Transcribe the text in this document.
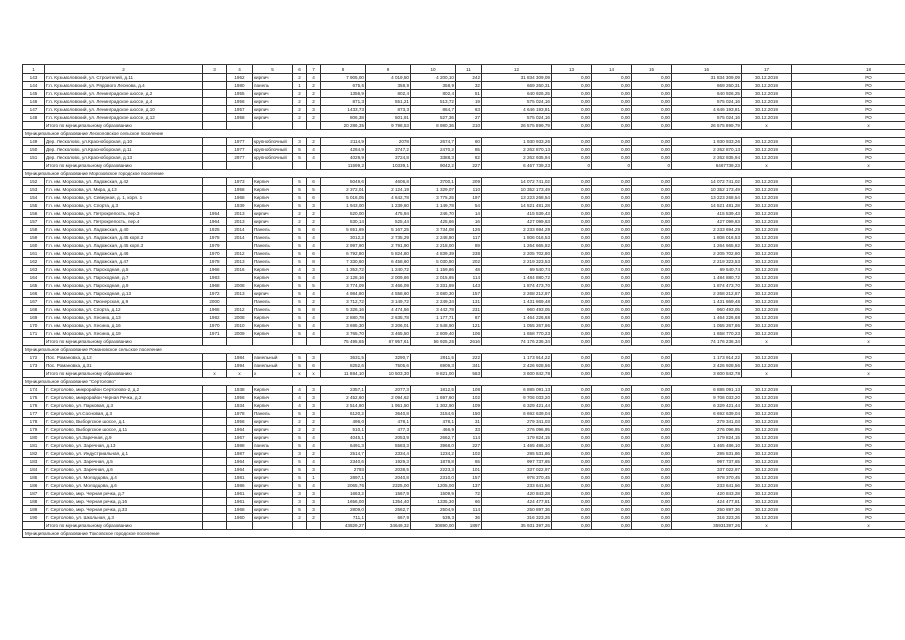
1	2	3	4	5	6	7	8	9	10	11	12	13	14	15	16	17	18
143	Г.п. Кузьмоловский, ул. Строителей, д.11		1962	кирпич	2	4	7 905,00	4 019,50	4 200,10	242	31 834 309,09	0,00	0,00	0,00	31 834 309,09	30.12.2019	РО
144	Г.п. Кузьмоловский, ул. Рядового Леонова, д.4		1980	панель	1	2	675,6	358,9	358,9	32	669 260,31	0,00	0,00	0,00	669 260,31	30.12.2019	РО
145	Г.п. Кузьмоловский, ул. Ленинградское шоссе, д.2		1955	кирпич	2	2	1356,9	802,4	802,4	51	640 926,25	0,00	0,00	0,00	640 926,25	30.12.2019	РО
146	Г.п. Кузьмоловский, ул. Ленинградское шоссе, д.4		1956	кирпич	2	2	871,3	551,21	513,72	19	575 024,16	0,00	0,00	0,00	575 024,16	30.12.2019	РО
147	Г.п. Кузьмоловский, ул. Ленинградское шоссе, д.10		1957	кирпич	2	3	1433,73	873,3	864,7	63	4 646 193,81	0,00	0,00	0,00	4 646 193,81	30.12.2019	РО
148	Г.п. Кузьмоловский, ул. Ленинградское шоссе, д.12		1958	кирпич	2	2	806,38	501,91	527,36	27	575 024,16	0,00	0,00	0,00	575 024,16	30.12.2019	РО
	Итого по муниципальному образованию						20 286,35	9 798,53	8 980,36	210	26 575 899,79	0,00	0,00	0,00	26 575 899,79	х	х
Муниципальное образование Лесколовское сельское поселение																	
149	Дер. Лесколово, ул.Красноборская, д.10		1977	крупноблочный	3	2	2114,9	2078	2674,7	60	1 930 933,26	0,00	0,00	0,00	1 930 933,26	30.12.2019	РО
150	Дер. Лесколово, ул.Красноборская, д.11		1977	крупноблочный	5	4	4264,9	3747,2	2470,2	85	2 262 870,13	0,00	0,00	0,00	2 262 870,13	30.12.2019	РО
151	Дер. Лесколово, ул.Красноборская, д.13		2977	крупноблочный	5	4	4029,9	3724,8	3388,3	82	2 262 935,94	0,00	0,00	0,00	2 262 935,94	30.12.2019	РО
	Итого по муниципальному образованию						11599,2	10339,1	9042,2	227	6 467 739,23	0	0	0	6467739,23	х	х
Муниципальное образование Морозовское городское поселение																	
152	Г.п. им. Морозова, ул. Ладожская, д.42		1973	Кирпич	5	6	5049,6	4606,8	3700,1	209	14 072 741,02	0,00	0,00	0,00	14 072 741,02	30.12.2019	РО
153	Г.п. им. Морозова, ул. Мира, д.13		1958	Кирпич	5	5	2 372,01	2 124,19	1 329,07	110	10 352 173,49	0,00	0,00	0,00	10 352 173,49	30.12.2019	РО
154	Г.п. им. Морозова, ул. Северная, д. 1, корп. 1		1968	Кирпич	5	6	5 016,05	4 642,78	3 775,25	197	13 223 268,54	0,00	0,00	0,00	13 223 268,54	30.12.2019	РО
155	Г.п. им. Морозова, ул. Спорта, д.3		1939	Кирпич	5	3	1 943,00	1 239,60	1 149,78	54	14 521 481,28	0,00	0,00	0,00	14 521 481,28	30.12.2019	РО
156	Г.п. им. Морозова, ул. Петрокрепость, пер.3	1954	2013	кирпич	2	2	520,00	475,94	246,70	14	415 539,43	0,00	0,00	0,00	415 539,43	30.12.2019	РО
157	Г.п. им. Морозова, ул. Петрокрепость, пер.4	1964	2013	кирпич	2	2	530,14	525,44	425,66	16	427 099,63	0,00	0,00	0,00	427 099,63	30.12.2019	РО
158	Г.п. им. Морозова, ул. Ладожская, д.40	1925	2014	Панель	5	6	5 651,69	5 167,25	3 734,08	126	2 233 694,29	0,00	0,00	0,00	2 233 694,29	30.12.2019	РО
159	Г.п. им. Морозова, ул. Ладожская, д.45 корп.2	1978	2014	Панель	5	4	3012,2	2 735,29	2 248,80	117	1 806 016,53	0,00	0,00	0,00	1 806 016,53	30.12.2019	РО
160	Г.п. им. Морозова, ул. Ладожская, д.45 корп.3	1979		Панель	5	4	2 997,90	2 791,90	2 218,00	89	1 264 665,82	0,00	0,00	0,00	1 264 665,82	30.12.2019	РО
161	Г.п. им. Морозова, ул. Ладожская, д.46	1970	2012	Панель	5	6	6 792,80	5 824,80	4 839,39	238	2 205 702,80	0,00	0,00	0,00	2 205 702,80	30.12.2019	РО
162	Г.п. им. Морозова, ул. Ладожская, д.47	1978	2013	Панель	5	8	7 330,60	6 458,60	5 030,80	202	2 219 323,53	0,00	0,00	0,00	2 219 323,53	30.12.2019	РО
163	Г.п. им. Морозова, ул. Пароходная, д.5	1966	2016	Кирпич	4	3	1 353,72	1 240,72	1 159,86	48	69 540,74	0,00	0,00	0,00	69 540,74	30.12.2019	РО
164	Г.п. им. Морозова, ул. Пароходная, д.7	1983		Кирпич	5	4	2 128,16	2 009,66	2 015,65	114	1 484 880,72	0,00	0,00	0,00	1 484 880,72	30.12.2019	РО
165	Г.п. им. Морозова, ул. Пароходная, д.9	1968	2008	Кирпич	5	5	3 774,09	3 466,09	3 331,89	143	1 874 473,70	0,00	0,00	0,00	1 874 473,70	30.12.2019	РО
166	Г.п. им. Морозова, ул. Пароходная, д.13	1972	2013	кирпич	5	4	4 984,80	4 558,60	3 680,30	157	2 268 212,87	0,00	0,00	0,00	2 268 212,87	30.12.2019	РО
167	Г.п. им. Морозова, ул. Пионерская, д.9	2000		Панель	5	2	3 712,72	3 149,72	2 249,34	131	1 431 869,48	0,00	0,00	0,00	1 431 869,48	30.12.2019	РО
168	Г.п. им. Морозова, ул. Спорта, д.12	1965	2012	Панель	5	8	5 326,16	4 474,56	3 442,78	231	960 493,05	0,00	0,00	0,00	960 493,05	30.12.2019	РО
169	Г.п. им. Морозова, ул. Хесина, д.13	1982	2008	Кирпич	5	4	2 880,78	2 635,78	1 177,71	87	1 464 226,68	0,00	0,00	0,00	1 464 226,68	30.12.2019	РО
170	Г.п. им. Морозова, ул. Хесина, д.16	1970	2010	Кирпич	5	4	3 695,30	3 206,01	2 548,90	121	1 055 267,86	0,00	0,00	0,00	1 055 267,86	30.12.2019	РО
171	Г.п. им. Морозова, ул. Хесина, д.19	1971	2009	Кирпич	5	4	3 765,70	3 465,50	2 809,40	106	1 658 770,23	0,00	0,00	0,00	1 658 770,23	30.12.2019	РО
	Итого по муниципальному образованию						75 495,65	67 957,61	56 925,26	2616	74 176 236,34	0,00	0,00	0,00	74 176 236,34	х	х
Муниципальное образование Романовское сельское поселение																	
172	Пос. Романовка, д.12		1984	панельный	5	3	3631,5	3290,7	2911,5	222	1 173 914,22	0,00	0,00	0,00	1 173 914,22	30.12.2019	РО
173	Пос. Романовка, д.31		1994	панельный	5	6	8252,6	7505,6	6909,3	341	2 426 928,56	0,00	0,00	0,00	2 426 928,56	30.12.2019	РО
	Итого по муниципальному образованию	х	х	х	х	х	11 884,10	10 503,30	9 821,00	563	3 600 842,78	0,00	0,00	0,00	3 600 842,78	х	х
Муниципальное образование "Сертолово"																	
174	Г. Сертолово, микрорайон Сертолово-2, д.2		1938	Кирпич	4	3	2357,1	2077,3	1812,5	108	6 885 091,13	0,00	0,00	0,00	6 885 091,13	30.12.2019	РО
175	Г. Сертолово, микрорайон Черная Речка, д.2		1956	Кирпич	4	3	2 452,60	2 094,62	1 697,60	102	9 706 033,20	0,00	0,00	0,00	9 706 033,20	30.12.2019	РО
176	Г. Сертолово, ул. Парковая, д.3		1934	Кирпич	4	3	2 514,80	1 951,50	1 302,90	109	6 329 421,44	0,00	0,00	0,00	6 329 421,44	30.12.2019	РО
177	Г. Сертолово, ул.Сосновая, д.3		1978	Панель	5	3	6120,2	3640,8	3154,6	150	6 692 639,04	0,00	0,00	0,00	6 692 639,04	30.12.2019	РО
178	Г. Сертолово, Выборгское шоссе, д.1		1956	кирпич	2	2	496,0	478,1	478,1	31	279 341,03	0,00	0,00	0,00	279 341,03	30.12.2019	РО
179	Г. Сертолово, Выборгское шоссе, д.11		1964	кирпич	2	2	510,1	477,3	466,9	33	276 096,95	0,00	0,00	0,00	276 096,95	30.12.2019	РО
180	Г. Сертолово, ул.Заречная, д.9		1967	кирпич	5	4	4045,1	2053,9	2662,7	114	179 824,15	0,00	0,00	0,00	179 824,15	30.12.2019	РО
181	Г. Сертолово, ул. Заречная, д.13		1988	панель	5	4	6491,3	5583,3	3968,0	227	1 465 486,10	0,00	0,00	0,00	1 465 486,10	30.12.2019	РО
182	Г. Сертолово, ул. Индустриальная, д.1		1987	кирпич	3	2	2514,7	2334,4	1234,2	102	295 531,86	0,00	0,00	0,00	295 531,86	30.12.2019	РО
183	Г. Сертолово, ул. Заречная, д.5		1964	кирпич	5	4	2340,6	1929,3	1878,8	65	997 737,65	0,00	0,00	0,00	997 737,65	30.12.2019	РО
184	Г. Сертолово, ул. Заречная, д.6		1964	кирпич	5	3	2793	2038,5	2223,3	101	337 022,97	0,00	0,00	0,00	337 022,97	30.12.2019	РО
185	Г. Сертолово, ул. Молодцова, д.4		1981	кирпич	5	1	2897,1	2040,8	2310,0	157	978 370,45	0,00	0,00	0,00	978 370,45	30.12.2019	РО
186	Г. Сертолово, ул. Молодцова, д.6		1986	кирпич	5	4	2065,76	2325,00	1205,00	137	233 641,56	0,00	0,00	0,00	233 641,56	30.12.2019	РО
187	Г. Сертолово, мкр. Черная речка, д.7		1961	кирпич	3	3	1663,2	1567,9	1509,9	72	420 843,28	0,00	0,00	0,00	420 843,28	30.12.2019	РО
188	Г. Сертолово, мкр. Черная речка, д.16		1961	кирпич	3	3	1656,00	1354,40	1335,30	66	424 477,81	0,00	0,00	0,00	424 477,81	30.12.2019	РО
189	Г. Сертолово, мкр. Черная речка, д.33		1968	кирпич	5	3	2809,0	2562,7	2504,9	114	250 897,36	0,00	0,00	0,00	250 897,36	30.12.2019	РО
190	Г. Сертолово, ул. Школьная, д.3		1960	кирпич	2	2	711,1	667,9	539,3	36	316 323,26	0,00	0,00	0,00	316 323,26	30.12.2019	РО
	Итого по муниципальному образованию						43829,27	34649,32	30890,00	1897	35 931 397,26	0,00	0,00	0,00	35931397,26	х	х
Муниципальное образование Токсовское городское поселение																	
